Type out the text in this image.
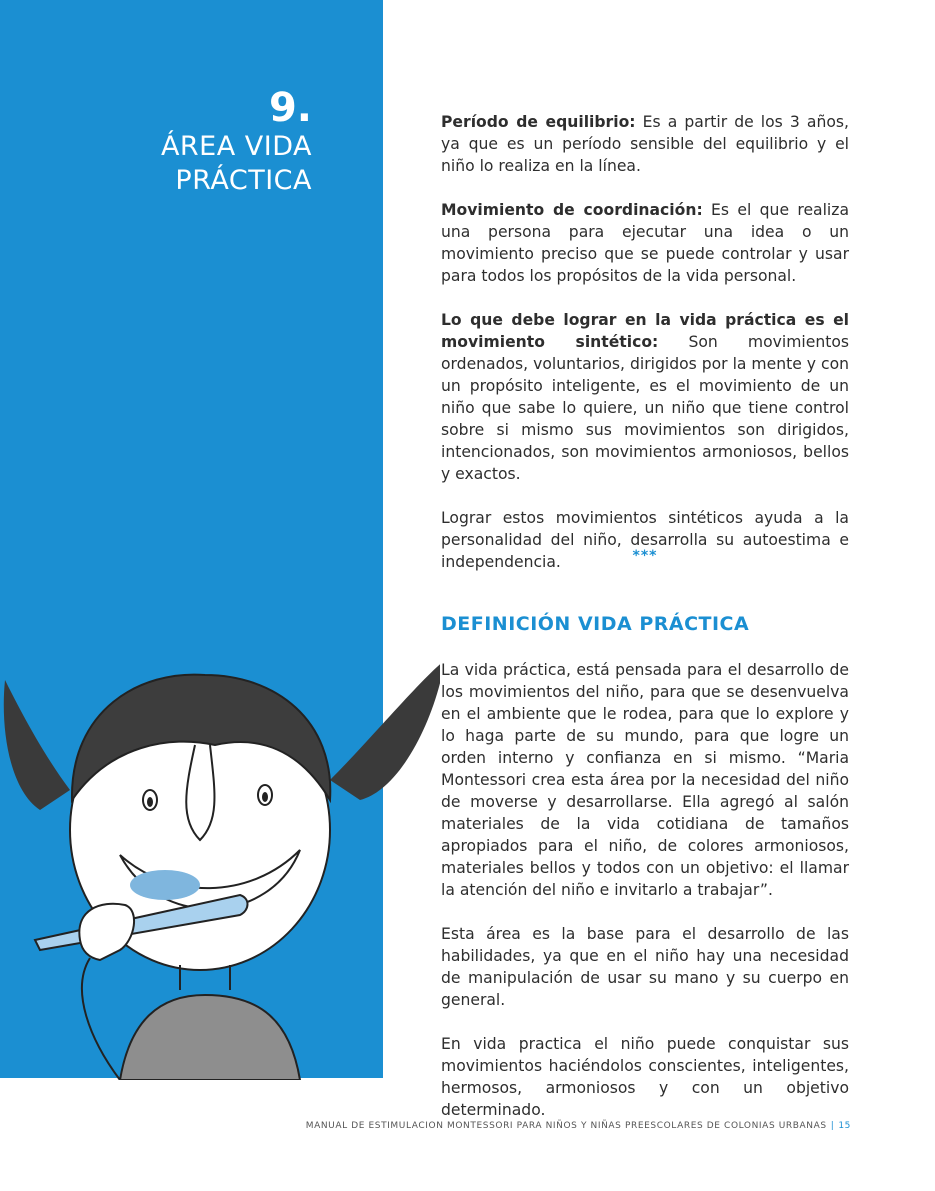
9.
ÁREA VIDA
PRÁCTICA

Período de equilibrio: Es a partir de los 3 años, ya que es un período sensible del equilibrio y el niño lo realiza en la línea.

Movimiento de coordinación: Es el que realiza una persona para ejecutar una idea o un movimiento preciso que se puede controlar y usar para todos los propósitos de la vida personal.

Lo que debe lograr en la vida práctica es el movimiento sintético: Son movimientos ordenados, voluntarios, dirigidos por la mente y con un propósito inteligente, es el movimiento de un niño que sabe lo quiere, un niño que tiene control sobre si mismo sus movimientos son dirigidos, intencionados, son movimientos armoniosos, bellos y exactos.

Lograr estos movimientos sintéticos ayuda a la personalidad del niño, desarrolla su autoestima e independencia.	***
DEFINICIÓN VIDA PRÁCTICA

La vida práctica, está pensada para el desarrollo de los movimientos del niño, para que se desenvuelva en el ambiente que le rodea, para que lo explore y lo haga parte de su mundo, para que logre un orden interno y confianza en si mismo. “Maria Montessori crea esta área por la necesidad del niño de moverse y desarrollarse. Ella agregó al salón materiales de la vida cotidiana de tamaños apropiados para el niño, de colores armoniosos, materiales bellos y todos con un objetivo: el llamar la atención del niño e invitarlo a trabajar”.

Esta área es la base para el desarrollo de las habilidades, ya que en el niño hay una necesidad de manipulación de usar su mano y su cuerpo en general.

En vida practica el niño puede conquistar sus movimientos haciéndolos conscientes, inteligentes, hermosos, armoniosos y con un objetivo determinado.

MANUAL DE ESTIMULACION MONTESSORI PARA NIÑOS Y NIÑAS PREESCOLARES DE COLONIAS URBANAS | 15
